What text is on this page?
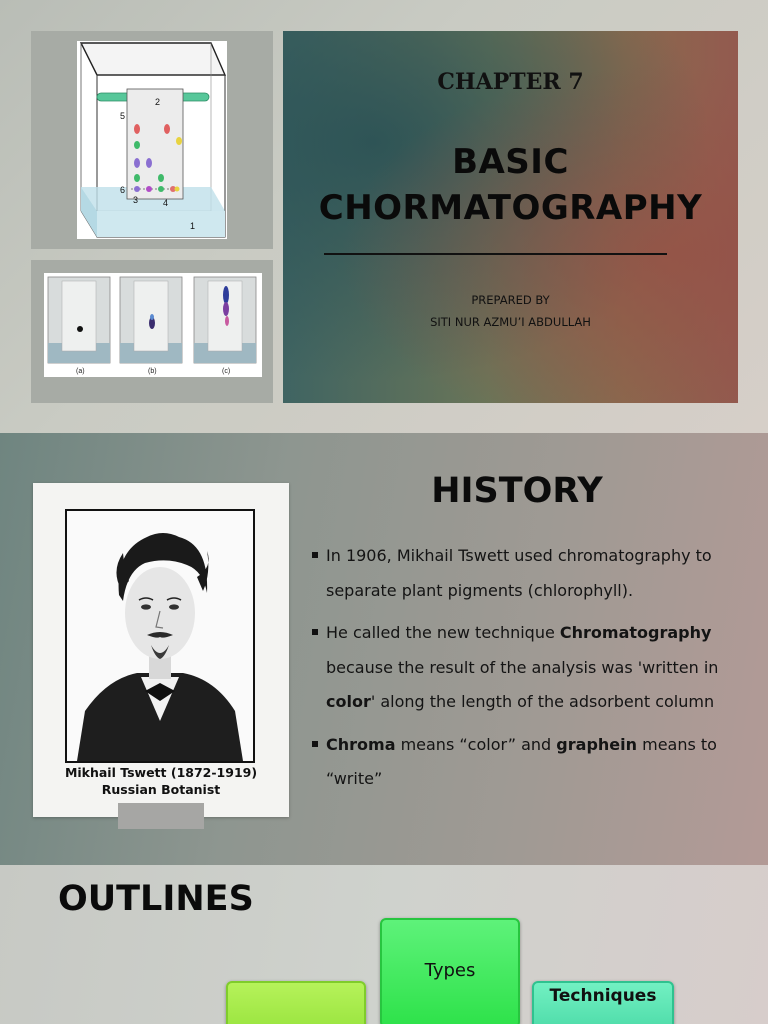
2
5
6
3	4
1
(a)	(b)	(c)
CHAPTER 7
BASIC
CHORMATOGRAPHY
PREPARED BY
SITI NUR AZMU’I ABDULLAH
Mikhail Tswett (1872-1919)
Russian Botanist
HISTORY
In 1906, Mikhail Tswett used chromatography to separate plant pigments (chlorophyll).
He called the new technique Chromatography because the result of the analysis was 'written in color' along the length of the adsorbent column
Chroma means “color” and graphein means to “write”
OUTLINES
Types
Techniques
